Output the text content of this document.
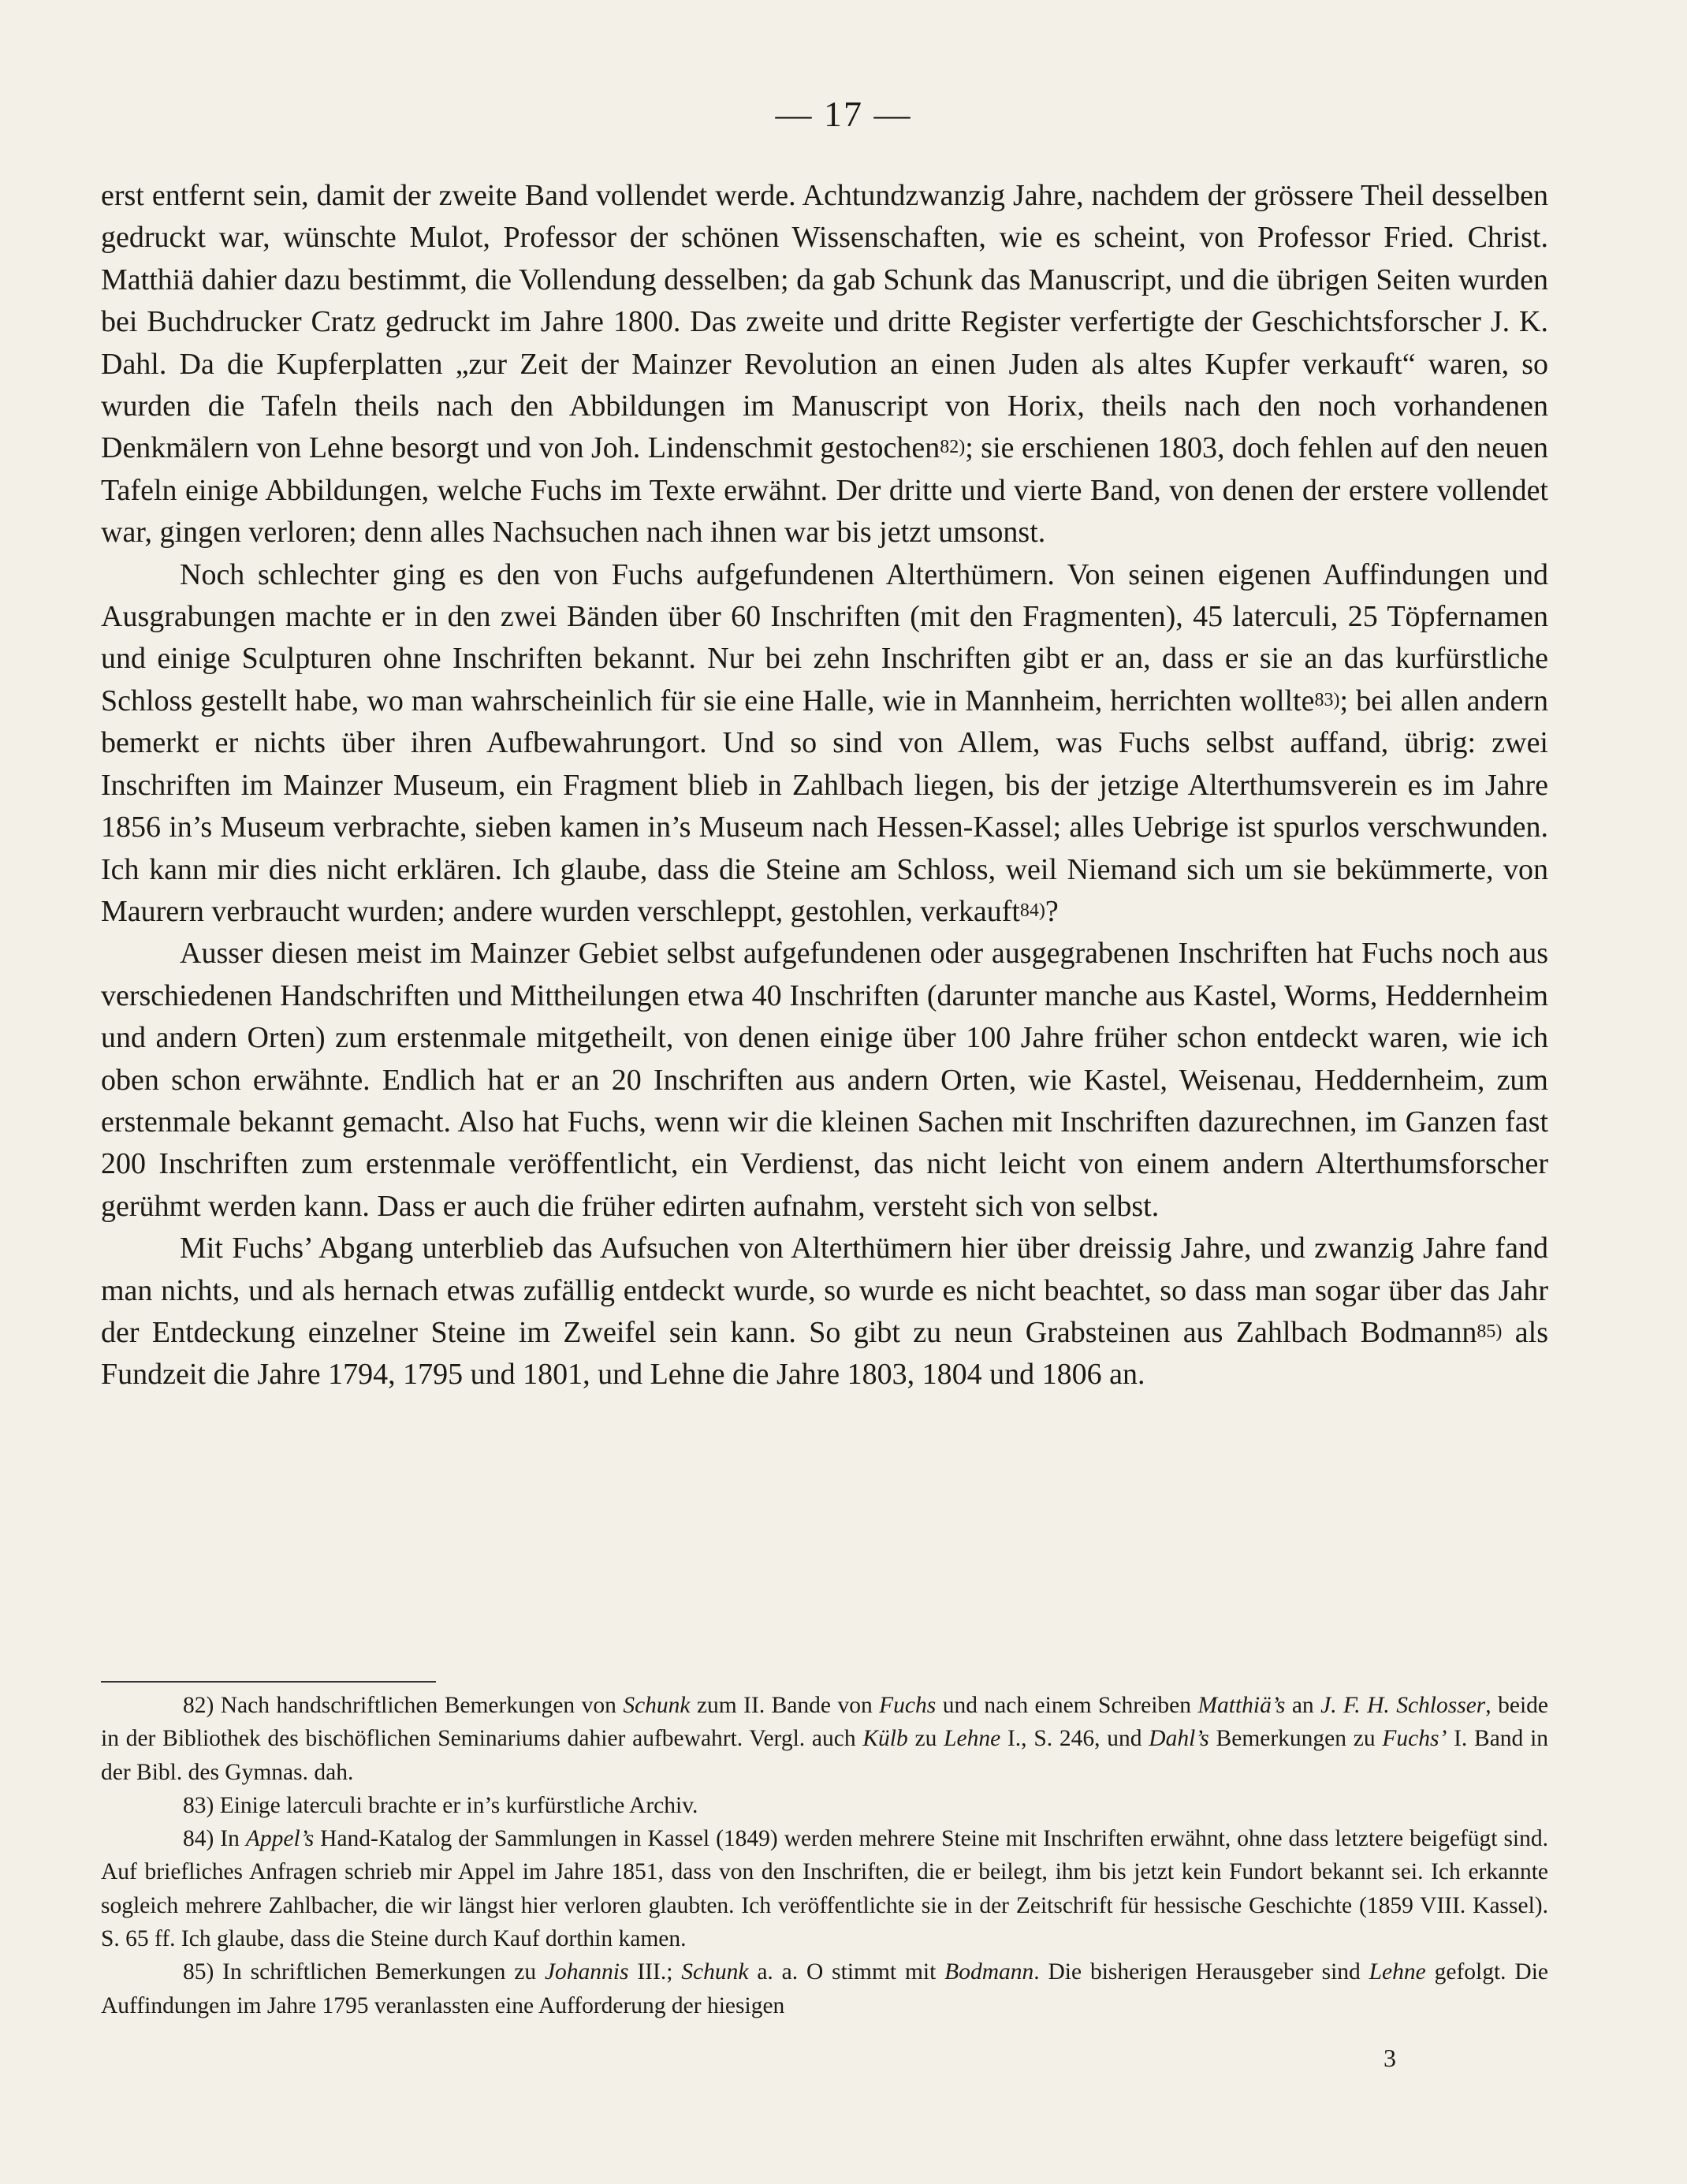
— 17 —

erst entfernt sein, damit der zweite Band vollendet werde. Achtundzwanzig Jahre, nachdem der grössere Theil desselben gedruckt war, wünschte Mulot, Professor der schönen Wissenschaften, wie es scheint, von Professor Fried. Christ. Matthiä dahier dazu bestimmt, die Vollendung desselben; da gab Schunk das Manuscript, und die übrigen Seiten wurden bei Buchdrucker Cratz gedruckt im Jahre 1800. Das zweite und dritte Register verfertigte der Geschichtsforscher J. K. Dahl. Da die Kupferplatten „zur Zeit der Mainzer Revolution an einen Juden als altes Kupfer verkauft“ waren, so wurden die Tafeln theils nach den Abbildungen im Manuscript von Horix, theils nach den noch vorhandenen Denkmälern von Lehne besorgt und von Joh. Lindenschmit gestochen$^{82)}$; sie erschienen 1803, doch fehlen auf den neuen Tafeln einige Abbildungen, welche Fuchs im Texte erwähnt. Der dritte und vierte Band, von denen der erstere vollendet war, gingen verloren; denn alles Nachsuchen nach ihnen war bis jetzt umsonst.

Noch schlechter ging es den von Fuchs aufgefundenen Alterthümern. Von seinen eigenen Auffindungen und Ausgrabungen machte er in den zwei Bänden über 60 Inschriften (mit den Fragmenten), 45 laterculi, 25 Töpfernamen und einige Sculpturen ohne Inschriften bekannt. Nur bei zehn Inschriften gibt er an, dass er sie an das kurfürstliche Schloss gestellt habe, wo man wahrscheinlich für sie eine Halle, wie in Mannheim, herrichten wollte$^{83)}$; bei allen andern bemerkt er nichts über ihren Aufbewahrungort. Und so sind von Allem, was Fuchs selbst auffand, übrig: zwei Inschriften im Mainzer Museum, ein Fragment blieb in Zahlbach liegen, bis der jetzige Alterthumsverein es im Jahre 1856 in’s Museum verbrachte, sieben kamen in’s Museum nach Hessen-Kassel; alles Uebrige ist spurlos verschwunden. Ich kann mir dies nicht erklären. Ich glaube, dass die Steine am Schloss, weil Niemand sich um sie bekümmerte, von Maurern verbraucht wurden; andere wurden verschleppt, gestohlen, verkauft$^{84)}$?

Ausser diesen meist im Mainzer Gebiet selbst aufgefundenen oder ausgegrabenen Inschriften hat Fuchs noch aus verschiedenen Handschriften und Mittheilungen etwa 40 Inschriften (darunter manche aus Kastel, Worms, Heddernheim und andern Orten) zum erstenmale mitgetheilt, von denen einige über 100 Jahre früher schon entdeckt waren, wie ich oben schon erwähnte. Endlich hat er an 20 Inschriften aus andern Orten, wie Kastel, Weisenau, Heddernheim, zum erstenmale bekannt gemacht. Also hat Fuchs, wenn wir die kleinen Sachen mit Inschriften dazurechnen, im Ganzen fast 200 Inschriften zum erstenmale veröffentlicht, ein Verdienst, das nicht leicht von einem andern Alterthumsforscher gerühmt werden kann. Dass er auch die früher edirten aufnahm, versteht sich von selbst.

Mit Fuchs’ Abgang unterblieb das Aufsuchen von Alterthümern hier über dreissig Jahre, und zwanzig Jahre fand man nichts, und als hernach etwas zufällig entdeckt wurde, so wurde es nicht beachtet, so dass man sogar über das Jahr der Entdeckung einzelner Steine im Zweifel sein kann. So gibt zu neun Grabsteinen aus Zahlbach Bodmann$^{85)}$ als Fundzeit die Jahre 1794, 1795 und 1801, und Lehne die Jahre 1803, 1804 und 1806 an.

82) Nach handschriftlichen Bemerkungen von Schunk zum II. Bande von Fuchs und nach einem Schreiben Matthiä’s an J. F. H. Schlosser, beide in der Bibliothek des bischöflichen Seminariums dahier aufbewahrt. Vergl. auch Külb zu Lehne I., S. 246, und Dahl’s Bemerkungen zu Fuchs’ I. Band in der Bibl. des Gymnas. dah.

83) Einige laterculi brachte er in’s kurfürstliche Archiv.

84) In Appel’s Hand-Katalog der Sammlungen in Kassel (1849) werden mehrere Steine mit Inschriften erwähnt, ohne dass letztere beigefügt sind. Auf briefliches Anfragen schrieb mir Appel im Jahre 1851, dass von den Inschriften, die er beilegt, ihm bis jetzt kein Fundort bekannt sei. Ich erkannte sogleich mehrere Zahlbacher, die wir längst hier verloren glaubten. Ich veröffentlichte sie in der Zeitschrift für hessische Geschichte (1859 VIII. Kassel). S. 65 ff. Ich glaube, dass die Steine durch Kauf dorthin kamen.

85) In schriftlichen Bemerkungen zu Johannis III.; Schunk a. a. O stimmt mit Bodmann. Die bisherigen Herausgeber sind Lehne gefolgt. Die Auffindungen im Jahre 1795 veranlassten eine Aufforderung der hiesigen

3
